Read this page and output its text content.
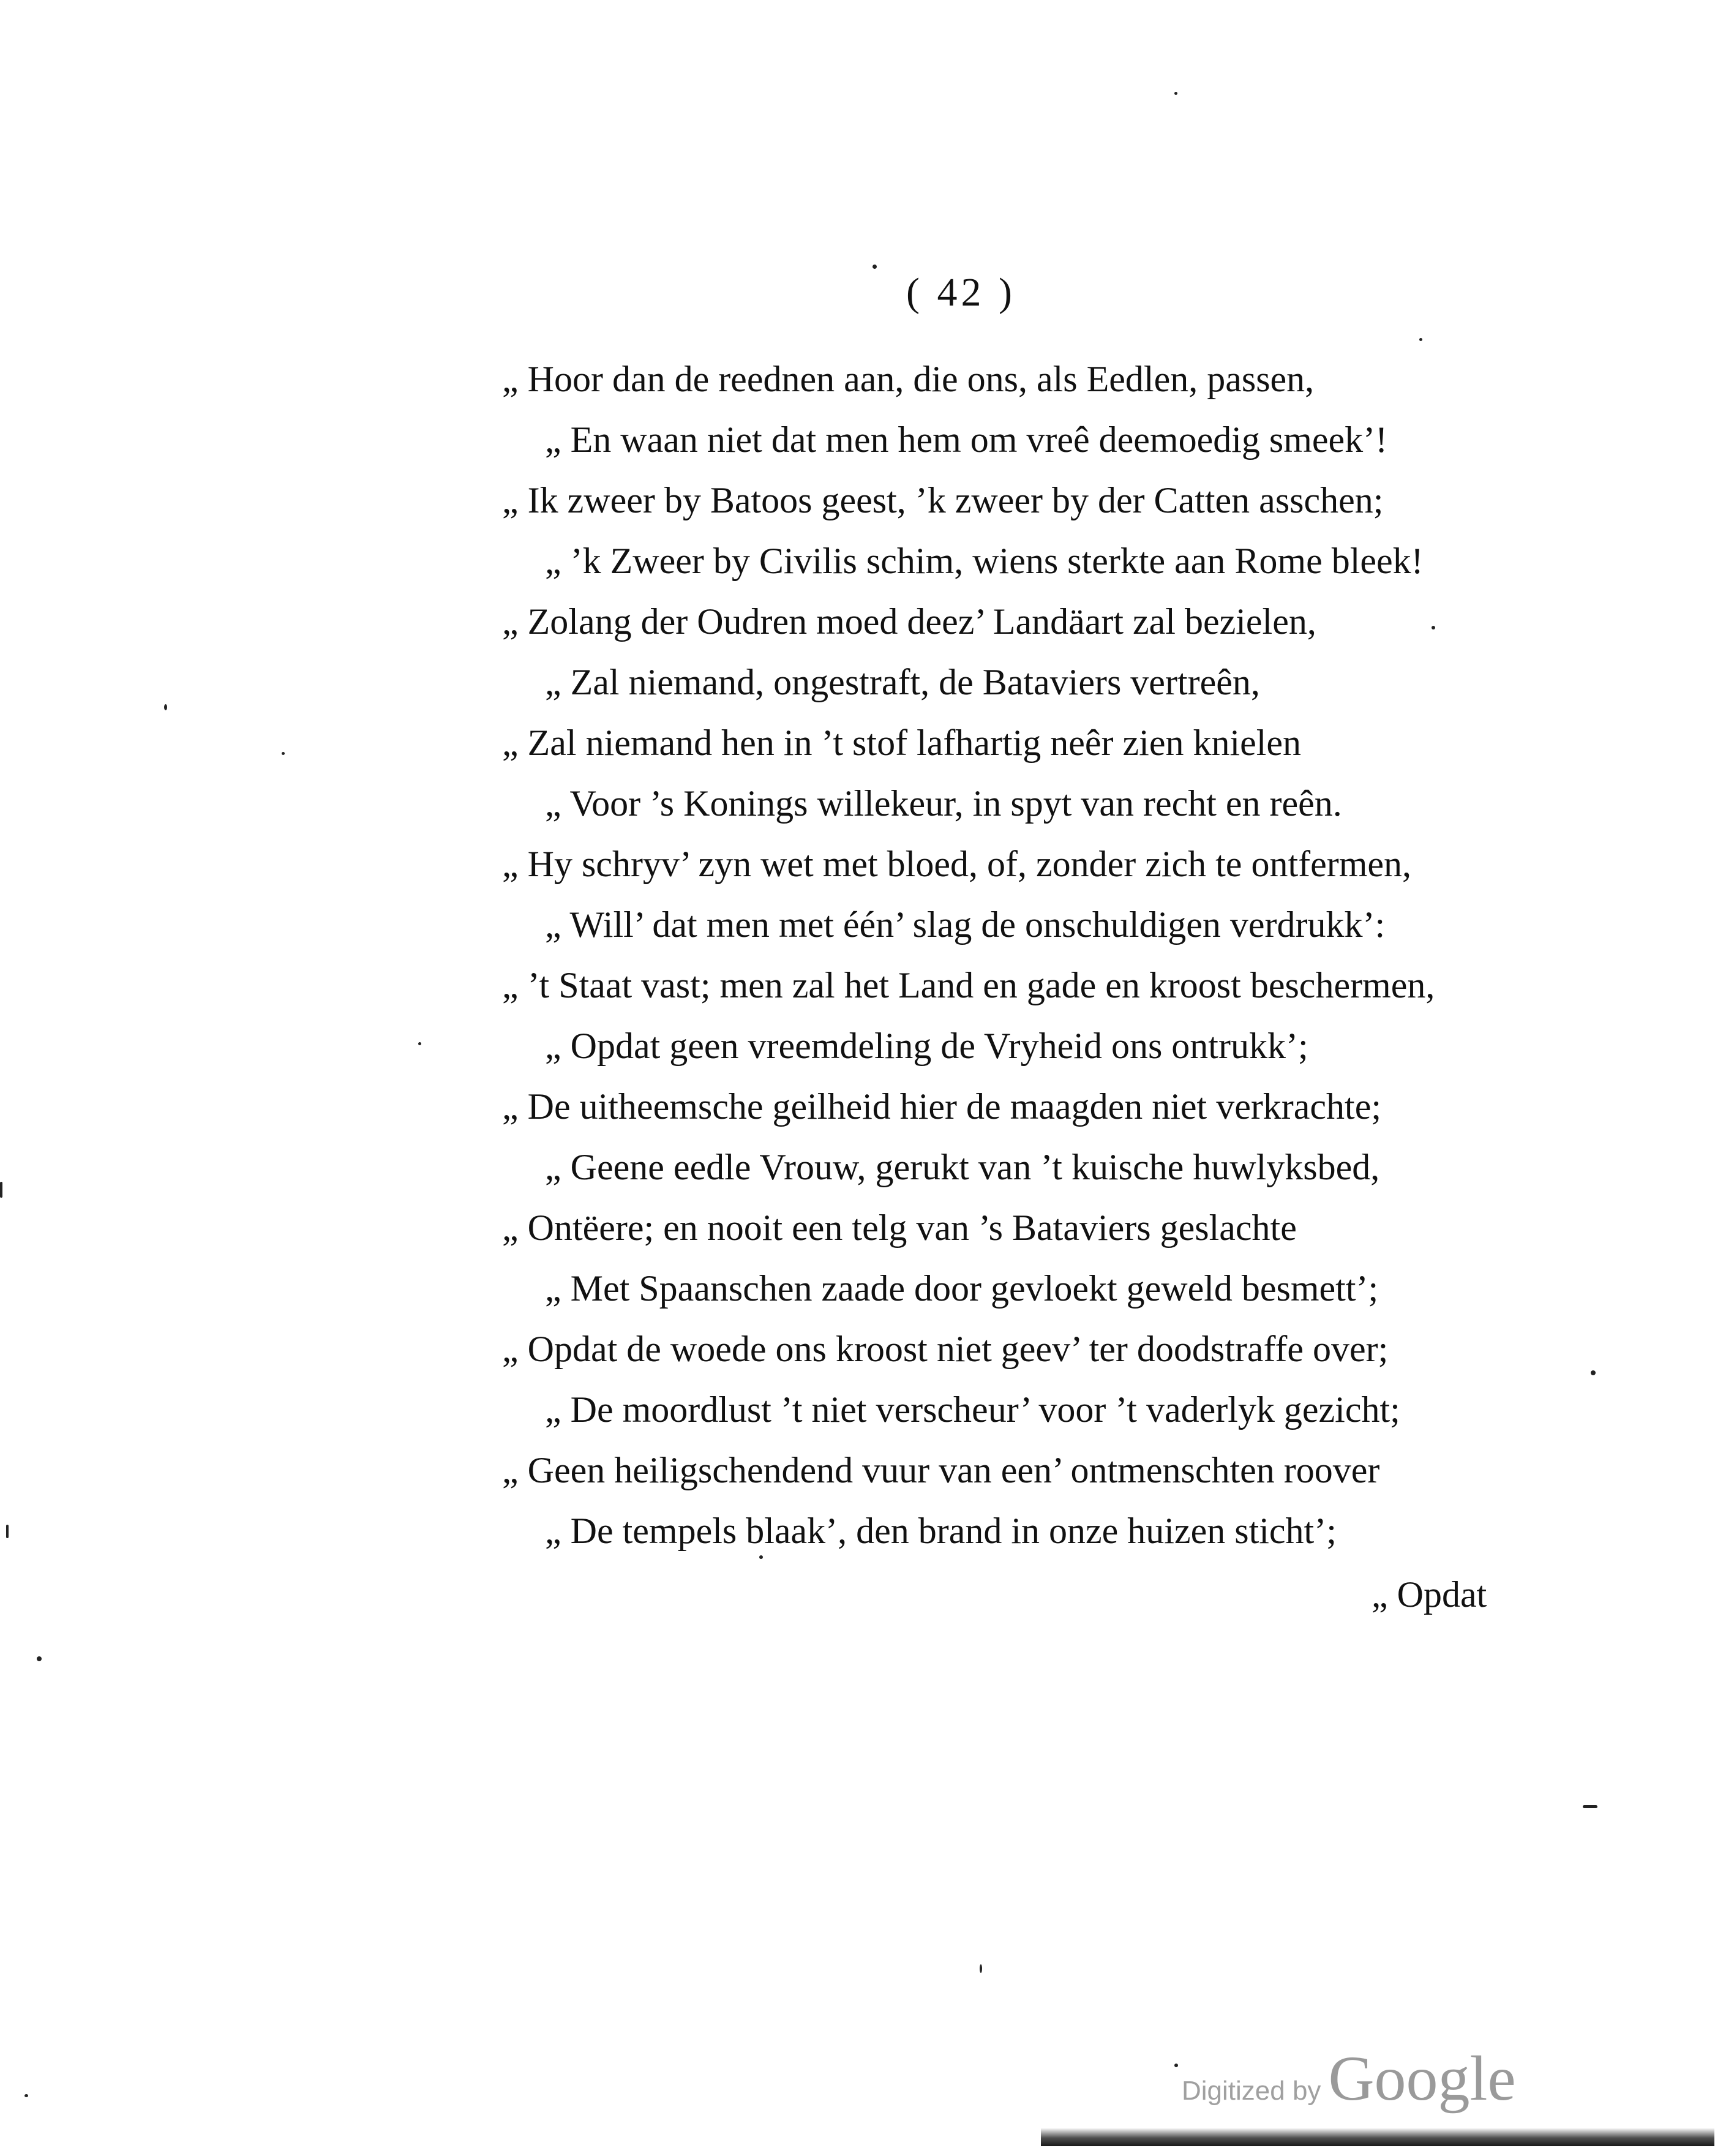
( 42 )
„ Hoor dan de reednen aan, die ons, als Eedlen, passen,
„ En waan niet dat men hem om vreê deemoedig smeek’!
„ Ik zweer by Batoos geest, ’k zweer by der Catten asschen;
„ ’k Zweer by Civilis schim, wiens sterkte aan Rome bleek!
„ Zolang der Oudren moed deez’ Landäart zal bezielen,
„ Zal niemand, ongestraft, de Bataviers vertreên,
„ Zal niemand hen in ’t stof lafhartig neêr zien knielen
„ Voor ’s Konings willekeur, in spyt van recht en reên.
„ Hy schryv’ zyn wet met bloed, of, zonder zich te ontfermen,
„ Will’ dat men met één’ slag de onschuldigen verdrukk’:
„ ’t Staat vast; men zal het Land en gade en kroost beschermen,
„ Opdat geen vreemdeling de Vryheid ons ontrukk’;
„ De uitheemsche geilheid hier de maagden niet verkrachte;
„ Geene eedle Vrouw, gerukt van ’t kuische huwlyksbed,
„ Ontëere; en nooit een telg van ’s Bataviers geslachte
„ Met Spaanschen zaade door gevloekt geweld besmett’;
„ Opdat de woede ons kroost niet geev’ ter doodstraffe over;
„ De moordlust ’t niet verscheur’ voor ’t vaderlyk gezicht;
„ Geen heiligschendend vuur van een’ ontmenschten roover
„ De tempels blaak’, den brand in onze huizen sticht’;
„ Opdat
Digitized by Google
